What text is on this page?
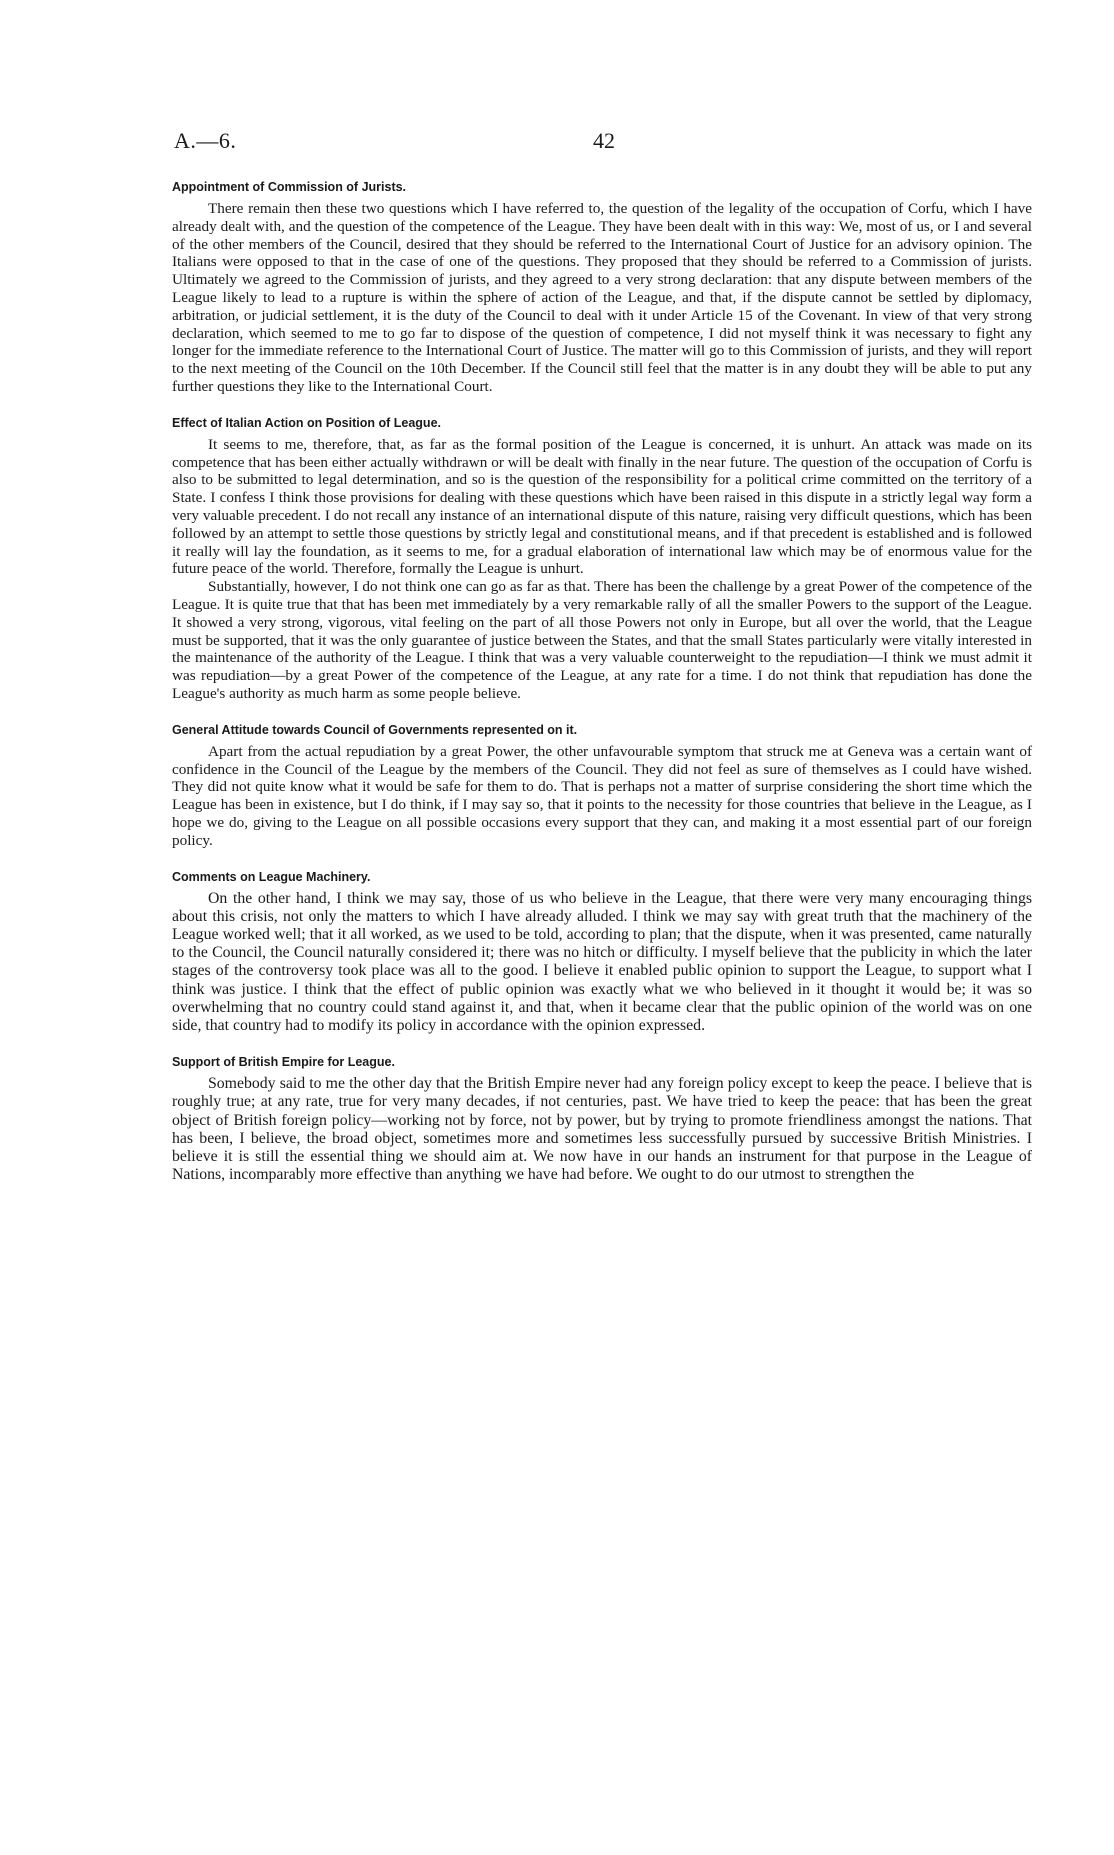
A.—6.	42
Appointment of Commission of Jurists.

There remain then these two questions which I have referred to, the question of the legality of the occupation of Corfu, which I have already dealt with, and the question of the competence of the League. They have been dealt with in this way: We, most of us, or I and several of the other members of the Council, desired that they should be referred to the International Court of Justice for an advisory opinion. The Italians were opposed to that in the case of one of the questions. They proposed that they should be referred to a Commission of jurists. Ultimately we agreed to the Commission of jurists, and they agreed to a very strong declaration: that any dispute between members of the League likely to lead to a rupture is within the sphere of action of the League, and that, if the dispute cannot be settled by diplomacy, arbitration, or judicial settlement, it is the duty of the Council to deal with it under Article 15 of the Covenant. In view of that very strong declaration, which seemed to me to go far to dispose of the question of competence, I did not myself think it was necessary to fight any longer for the immediate reference to the International Court of Justice. The matter will go to this Commission of jurists, and they will report to the next meeting of the Council on the 10th December. If the Council still feel that the matter is in any doubt they will be able to put any further questions they like to the International Court.

Effect of Italian Action on Position of League.

It seems to me, therefore, that, as far as the formal position of the League is concerned, it is unhurt. An attack was made on its competence that has been either actually withdrawn or will be dealt with finally in the near future. The question of the occupation of Corfu is also to be submitted to legal determination, and so is the question of the responsibility for a political crime committed on the territory of a State. I confess I think those provisions for dealing with these questions which have been raised in this dispute in a strictly legal way form a very valuable precedent. I do not recall any instance of an international dispute of this nature, raising very difficult questions, which has been followed by an attempt to settle those questions by strictly legal and constitutional means, and if that precedent is established and is followed it really will lay the foundation, as it seems to me, for a gradual elaboration of international law which may be of enormous value for the future peace of the world. Therefore, formally the League is unhurt.

Substantially, however, I do not think one can go as far as that. There has been the challenge by a great Power of the competence of the League. It is quite true that that has been met immediately by a very remarkable rally of all the smaller Powers to the support of the League. It showed a very strong, vigorous, vital feeling on the part of all those Powers not only in Europe, but all over the world, that the League must be supported, that it was the only guarantee of justice between the States, and that the small States particularly were vitally interested in the maintenance of the authority of the League. I think that was a very valuable counterweight to the repudiation—I think we must admit it was repudiation—by a great Power of the competence of the League, at any rate for a time. I do not think that repudiation has done the League's authority as much harm as some people believe.

General Attitude towards Council of Governments represented on it.

Apart from the actual repudiation by a great Power, the other unfavourable symptom that struck me at Geneva was a certain want of confidence in the Council of the League by the members of the Council. They did not feel as sure of themselves as I could have wished. They did not quite know what it would be safe for them to do. That is perhaps not a matter of surprise considering the short time which the League has been in existence, but I do think, if I may say so, that it points to the necessity for those countries that believe in the League, as I hope we do, giving to the League on all possible occasions every support that they can, and making it a most essential part of our foreign policy.

Comments on League Machinery.

On the other hand, I think we may say, those of us who believe in the League, that there were very many encouraging things about this crisis, not only the matters to which I have already alluded. I think we may say with great truth that the machinery of the League worked well; that it all worked, as we used to be told, according to plan; that the dispute, when it was presented, came naturally to the Council, the Council naturally considered it; there was no hitch or difficulty. I myself believe that the publicity in which the later stages of the controversy took place was all to the good. I believe it enabled public opinion to support the League, to support what I think was justice. I think that the effect of public opinion was exactly what we who believed in it thought it would be; it was so overwhelming that no country could stand against it, and that, when it became clear that the public opinion of the world was on one side, that country had to modify its policy in accordance with the opinion expressed.

Support of British Empire for League.

Somebody said to me the other day that the British Empire never had any foreign policy except to keep the peace. I believe that is roughly true; at any rate, true for very many decades, if not centuries, past. We have tried to keep the peace: that has been the great object of British foreign policy—working not by force, not by power, but by trying to promote friendliness amongst the nations. That has been, I believe, the broad object, sometimes more and sometimes less successfully pursued by successive British Ministries. I believe it is still the essential thing we should aim at. We now have in our hands an instrument for that purpose in the League of Nations, incomparably more effective than anything we have had before. We ought to do our utmost to strengthen the
